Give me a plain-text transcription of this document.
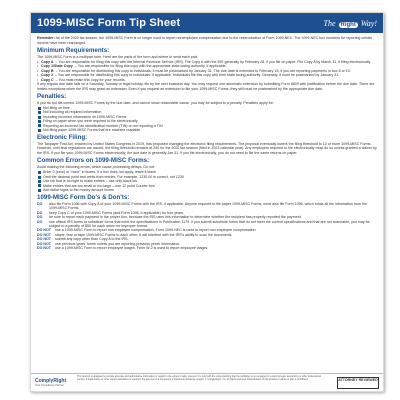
1099-MISC Form Tip Sheet	The Right Way!

Reminder: As of the 2020 tax season, the 1099-MISC Form is no longer used to report nonemployee compensation due to the reintroduction of Form 1099-NEC. The 1099-NEC box numbers for reporting certain income have been rearranged.

Minimum Requirements:

The 1099-MISC Form is a multipart form. Here are the parts of the form and where to send each part.

• Copy A – You are responsible for filing this copy with the Internal Revenue Service (IRS). File Copy A with the IRS generally by February 28, if you file on paper. File Copy A by March 31, if filing electronically.
• Copy 1/State Copy – You are responsible for filing this copy with the appropriate state taxing authority, if applicable.
• Copy B – You are responsible for distributing this copy to individuals; it must be postmarked by January 31. The due date is extended to February 15, if you are reporting payments in box 8 or 10.
• Copy 2 – You are responsible for distributing this copy to individuals, if applicable. Individuals file this copy with their state taxing authority. Generally, it must be postmarked by January 31.
• Copy C – You must retain this copy for your records.

If any regular due date falls on a Saturday, Sunday or legal holiday, file by the next business day. You may request one automatic extension by submitting Form 8809 with justification before the due date. There are limited exceptions when the IRS may grant an extension. Even if you request an extension to file your 1099-MISC Forms, they still must be postmarked by the appropriate due date.

Penalties:

If you do not file correct 1099-MISC Forms by the due date, and cannot show reasonable cause, you may be subject to a penalty. Penalties apply for:

Not filing on time
Not including all required information
Including incorrect information on 1099-MISC Forms
Filing on paper when you were required to file electronically
Reporting an incorrect tax identification number (TIN) or not reporting a TIN
Not filing paper 1099-MISC Forms that are machine readable
Electronic Filing:

The Taxpayer First Act, enacted by United States Congress in 2019, has proposed changing the electronic filing requirements. The proposal eventually lowers the filing threshold to 10 or more 1099-MISC Forms. However, until final regulations are issued, the filing threshold remains at 250 for the 2022 tax season (filed in 2023 calendar year). Any employers required to file electronically must do so unless granted a waiver by the IRS. If you file your 1099-MISC Forms electronically, the due date is generally Jan 31. If you file electronically, you do not need to file the same returns on paper.

Common Errors on 1099-MISC Forms:

Avoid making the following errors, which cause processing delays. Do not:

Enter 0 (zero) or "none" in boxes. If a box does not apply, leave it blank
Omit the decimal point and cents from entries. For example, 1230.00 is correct, not 1230
Use ink that is too light to make entries – use only black ink
Make entries that are too small or too large – use 12 point Courier font
Add dollar signs to the money amount boxes
1099-MISC Form Do's & Don'ts:
DO	also file Form 1096 with Copy A of your 1099-MISC Forms with the IRS, if applicable. Anyone required to file paper 1099-MISC Forms, must also file Form 1096, which totals all the information from the 1099-MISC Forms.
DO	keep Copy C of your 1099-MISC Forms (and Form 1096, if applicable) for four years.
DO	be sure to report each payment in the proper box, because the IRS uses this information to determine whether the recipient has properly reported the payment.
DO	use official IRS forms or substitute forms that meet the specifications in Publication 1179. If you submit substitute forms that do not meet the current specifications and that are not scannable, you may be subject to a penalty of $50 for each return for improper format.
DO NOT	use a 1099-MISC Form to report non employee compensation. Form 1099-NEC is used to report non employee compensation.
DO NOT	staple, tear or tape 1099-MISC Forms to each other. It will interfere with the IRS's ability to scan the documents.
DO NOT	submit any copy other than Copy A to the IRS.
DO NOT	use previous years' forms unless you are reporting previous years' information.
DO NOT	use a 1099-MISC Form to report employee wages. Form W-2 is used to report employee wages.
ComplyRight
Your Compliance Partner
This product is designed to provide accurate and authoritative information in regard to the subject matter covered. It is sold with the understanding that the publisher is not engaged in rendering legal, accounting or other professional service. If legal advice or other expert assistance is required, the services of a competent professional should be sought. © ComplyRight, Inc. All rights reserved. Reproduction of this product in whole or part is prohibited.	ATTORNEY REVIEWED
